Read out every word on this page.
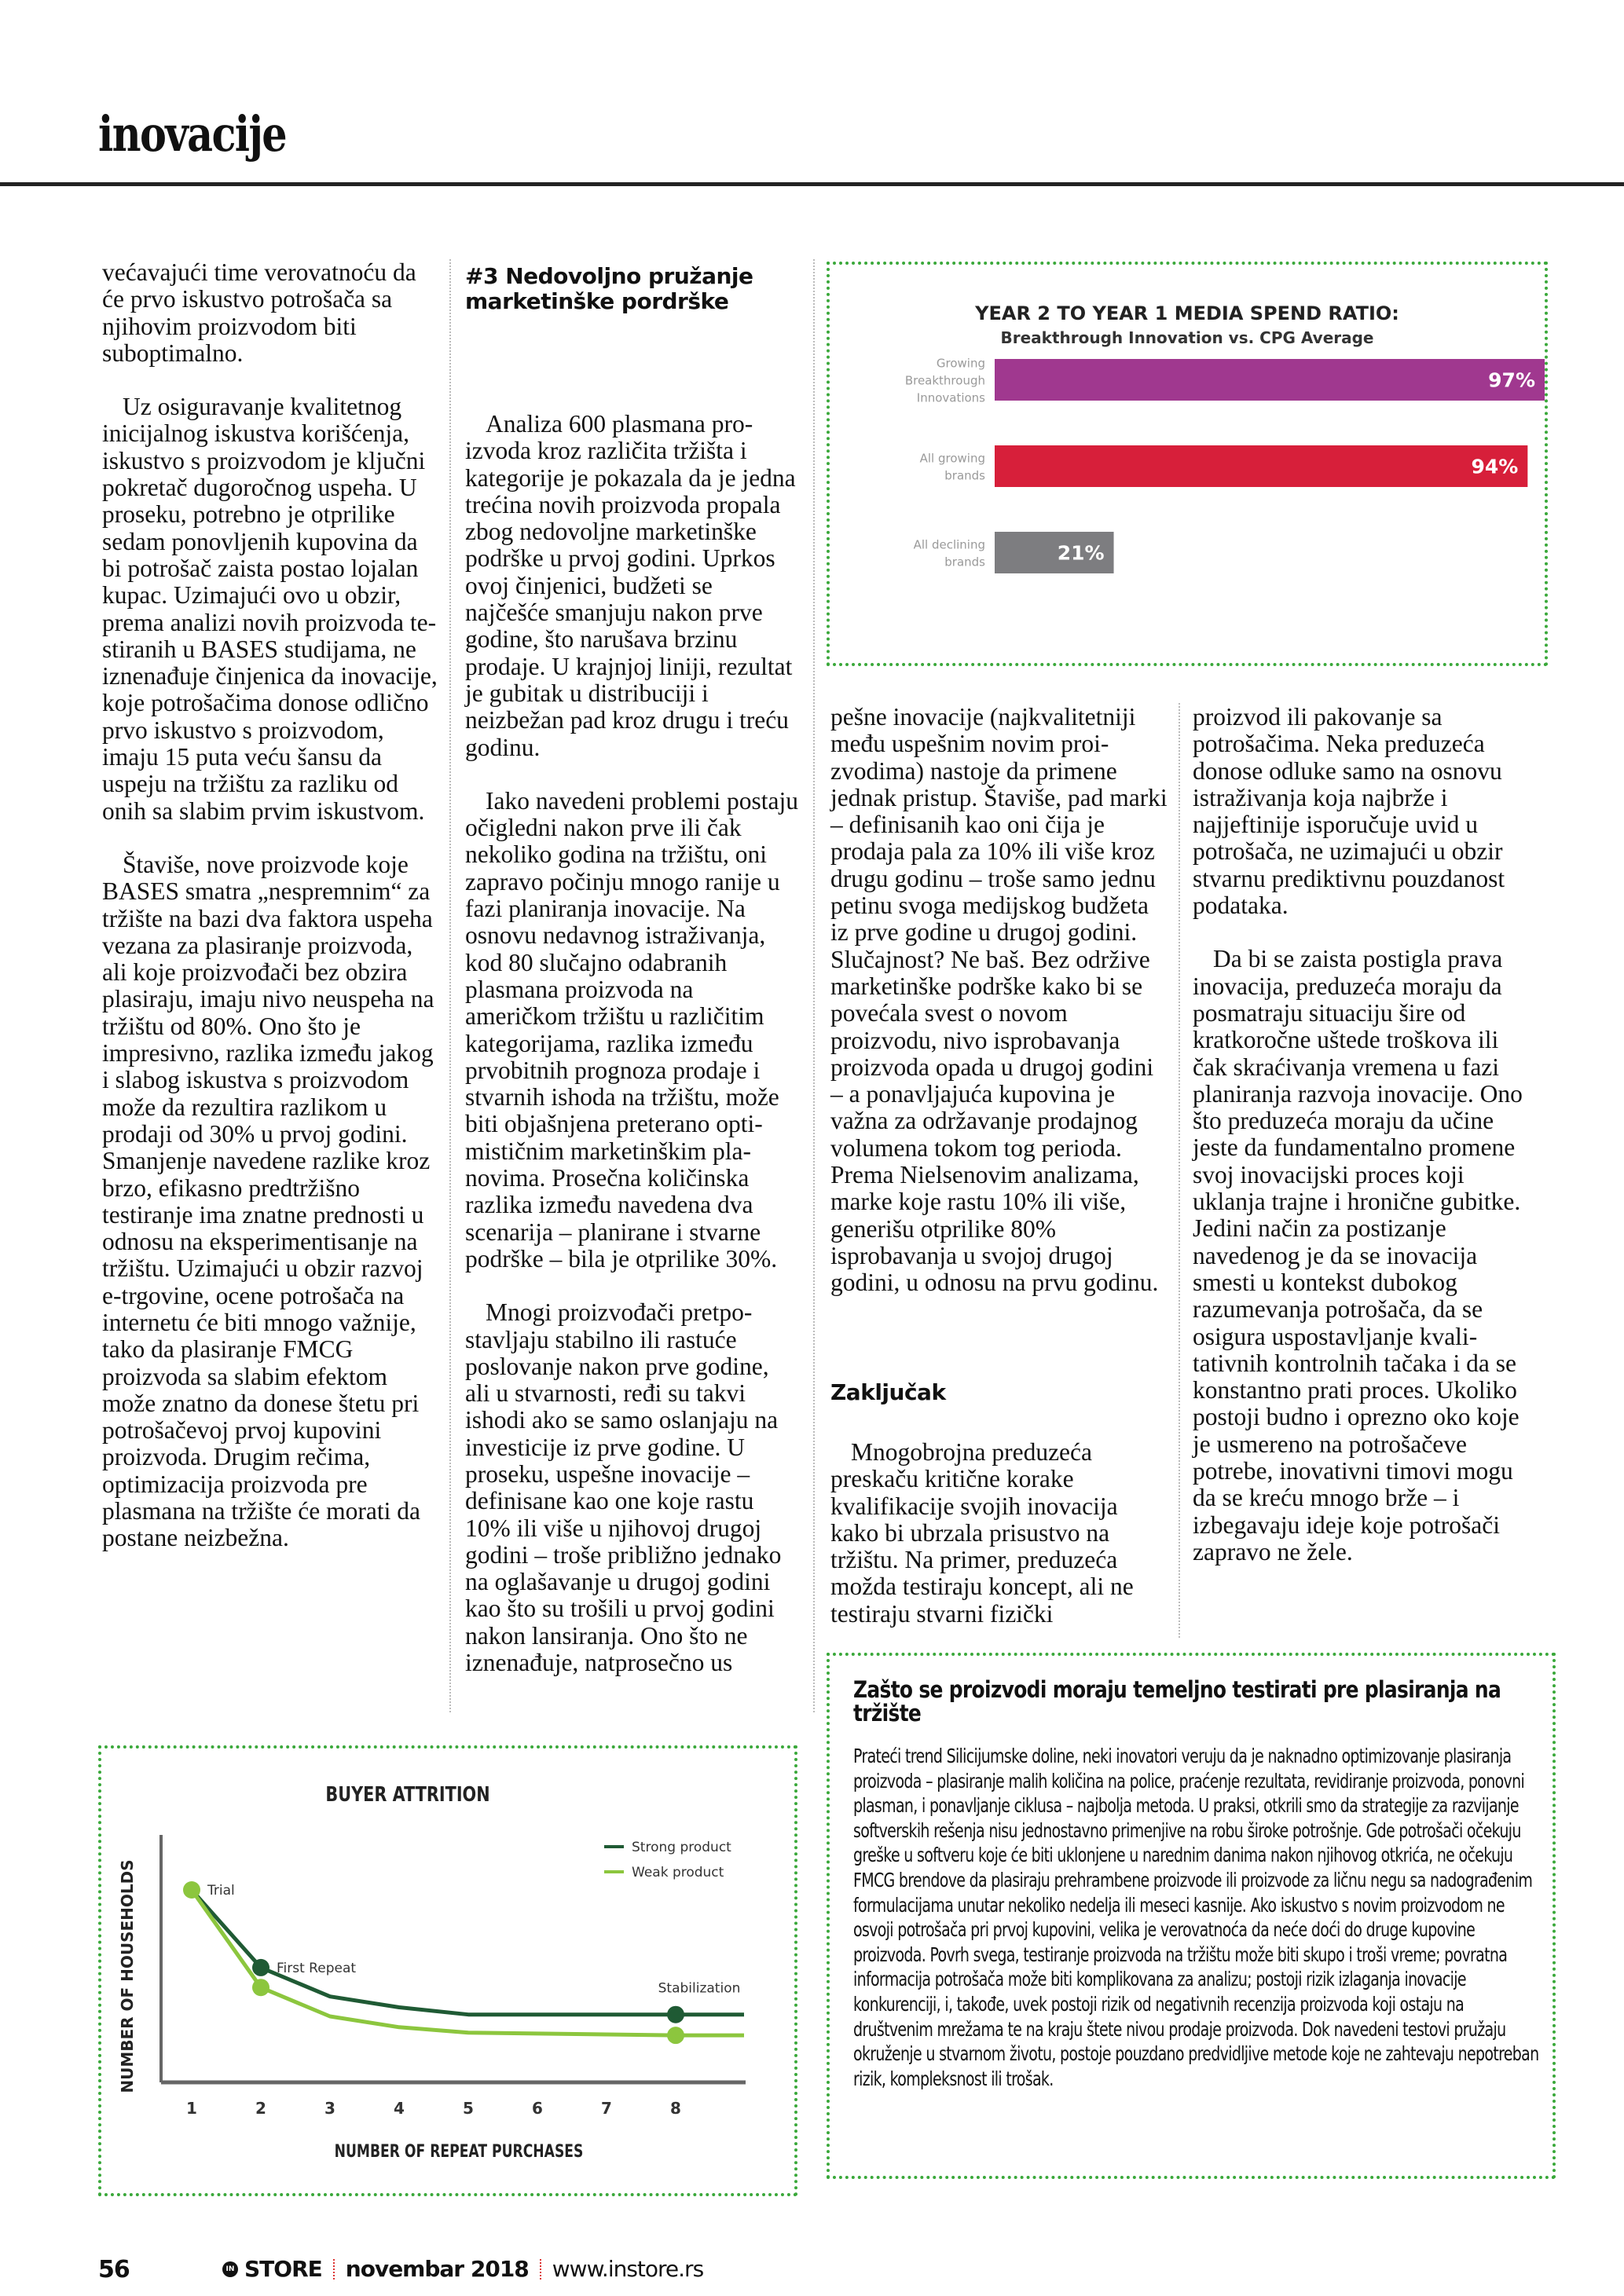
inovacije

većavajući time verovatnoću da će prvo iskustvo potrošača sa njihovim proizvodom biti suboptimalno.

Uz osiguravanje kvalitetnog inicijalnog iskustva korišćenja, iskustvo s proizvodom je ključni pokretač dugoročnog uspeha. U proseku, potrebno je otprilike sedam ponovljenih kupovina da bi potrošač zaista postao lojalan kupac. Uzimajući ovo u obzir, prema analizi novih proizvoda testiranih u BASES studijama, ne iznenađuje činjenica da inovacije, koje potrošačima donose odlično prvo iskustvo s proizvodom, imaju 15 puta veću šansu da uspeju na tržištu za razliku od onih sa slabim prvim iskustvom.

Štaviše, nove proizvode koje BASES smatra „nespremnim“ za tržište na bazi dva faktora uspeha vezana za plasiranje proizvoda, ali koje proizvođači bez obzira plasiraju, imaju nivo neuspeha na tržištu od 80%. Ono što je impresivno, razlika između jakog i slabog iskustva s proizvodom može da rezultira razlikom u prodaji od 30% u prvoj godini. Smanjenje navedene razlike kroz brzo, efikasno predtržišno testiranje ima znatne prednosti u odnosu na eksperimentisanje na tržištu. Uzimajući u obzir razvoj e-trgovine, ocene potrošača na internetu će biti mnogo važnije, tako da plasiranje FMCG proizvoda sa slabim efektom može znatno da donese štetu pri potrošačevoj prvoj kupovini proizvoda. Drugim rečima, optimizacija proizvoda pre plasmana na tržište će morati da postane neizbežna.

#3 Nedovoljno pružanje marketinške pordrške

Analiza 600 plasmana proizvoda kroz različita tržišta i kategorije je pokazala da je jedna trećina novih proizvoda propala zbog nedovoljne marketinške podrške u prvoj godini. Uprkos ovoj činjenici, budžeti se najčešće smanjuju nakon prve godine, što narušava brzinu prodaje. U krajnjoj liniji, rezultat je gubitak u distribuciji i neizbežan pad kroz drugu i treću godinu.

Iako navedeni problemi postaju očigledni nakon prve ili čak nekoliko godina na tržištu, oni zapravo počinju mnogo ranije u fazi planiranja inovacije. Na osnovu nedavnog istraživanja, kod 80 slučajno odabranih plasmana proizvoda na američkom tržištu u različitim kategorijama, razlika između prvobitnih prognoza prodaje i stvarnih ishoda na tržištu, može biti objašnjena preterano optimističnim marketinškim planovima. Prosečna količinska razlika između navedena dva scenarija – planirane i stvarne podrške – bila je otprilike 30%.

Mnogi proizvođači pretpostavljaju stabilno ili rastuće poslovanje nakon prve godine, ali u stvarnosti, ređi su takvi ishodi ako se samo oslanjaju na investicije iz prve godine. U proseku, uspešne inovacije – definisane kao one koje rastu 10% ili više u njihovoj drugoj godini – troše približno jednako na oglašavanje u drugoj godini kao što su trošili u prvoj godini nakon lansiranja. Ono što ne iznenađuje, natprosečno us

YEAR 2 TO YEAR 1 MEDIA SPEND RATIO:
Breakthrough Innovation vs. CPG Average
97%
Growing
Breakthrough
Innovations
94%
All growing
brands
21%
All declining
brands

pešne inovacije (najkvalitetniji među uspešnim novim proizvodima) nastoje da primene jednak pristup. Štaviše, pad marki – definisanih kao oni čija je prodaja pala za 10% ili više kroz drugu godinu – troše samo jednu petinu svoga medijskog budžeta iz prve godine u drugoj godini. Slučajnost? Ne baš. Bez održive marketinške podrške kako bi se povećala svest o novom proizvodu, nivo isprobavanja proizvoda opada u drugoj godini – a ponavljajuća kupovina je važna za održavanje prodajnog volumena tokom tog perioda. Prema Nielsenovim analizama, marke koje rastu 10% ili više, generišu otprilike 80% isprobavanja u svojoj drugoj godini, u odnosu na prvu godinu.

Zaključak

Mnogobrojna preduzeća preskaču kritične korake kvalifikacije svojih inovacija kako bi ubrzala prisustvo na tržištu. Na primer, preduzeća možda testiraju koncept, ali ne testiraju stvarni fizički

proizvod ili pakovanje sa potrošačima. Neka preduzeća donose odluke samo na osnovu istraživanja koja najbrže i najjeftinije isporučuje uvid u potrošača, ne uzimajući u obzir stvarnu prediktivnu pouzdanost podataka.

Da bi se zaista postigla prava inovacija, preduzeća moraju da posmatraju situaciju šire od kratkoročne uštede troškova ili čak skraćivanja vremena u fazi planiranja razvoja inovacije. Ono što preduzeća moraju da učine jeste da fundamentalno promene svoj inovacijski proces koji uklanja trajne i hronične gubitke. Jedini način za postizanje navedenog je da se inovacija smesti u kontekst dubokog razumevanja potrošača, da se osigura uspostavljanje kvalitativnih kontrolnih tačaka i da se konstantno prati proces. Ukoliko postoji budno i oprezno oko koje je usmereno na potrošačeve potrebe, inovativni timovi mogu da se kreću mnogo brže – i izbegavaju ideje koje potrošači zapravo ne žele.

BUYER ATTRITION
1	2	3	4	5	6	7	8
NUMBER OF REPEAT PURCHASES
NUMBER OF HOUSEHOLDS	Trial
First Repeat
Stabilization
Strong product
Weak product
Zašto se proizvodi moraju temeljno testirati pre plasiranja na tržište
Prateći trend Silicijumske doline, neki inovatori veruju da je naknadno optimizovanje plasiranja proizvoda – plasiranje malih količina na police, praćenje rezultata, revidiranje proizvoda, ponovni plasman, i ponavljanje ciklusa – najbolja metoda. U praksi, otkrili smo da strategije za razvijanje softverskih rešenja nisu jednostavno primenjive na robu široke potrošnje. Gde potrošači očekuju greške u softveru koje će biti uklonjene u narednim danima nakon njihovog otkrića, ne očekuju FMCG brendove da plasiraju prehrambene proizvode ili proizvode za ličnu negu sa nadograđenim formulacijama unutar nekoliko nedelja ili meseci kasnije. Ako iskustvo s novim proizvodom ne osvoji potrošača pri prvoj kupovini, velika je verovatnoća da neće doći do druge kupovine proizvoda. Povrh svega, testiranje proizvoda na tržištu može biti skupo i troši vreme; povratna informacija potrošača može biti komplikovana za analizu; postoji rizik izlaganja inovacije konkurenciji, i, takođe, uvek postoji rizik od negativnih recenzija proizvoda koji ostaju na društvenim mrežama te na kraju štete nivou prodaje proizvoda. Dok navedeni testovi pružaju okruženje u stvarnom životu, postoje pouzdano predvidljive metode koje ne zahtevaju nepotreban rizik, kompleksnost ili trošak.
56	IN STORE novembar 2018 www.instore.rs
